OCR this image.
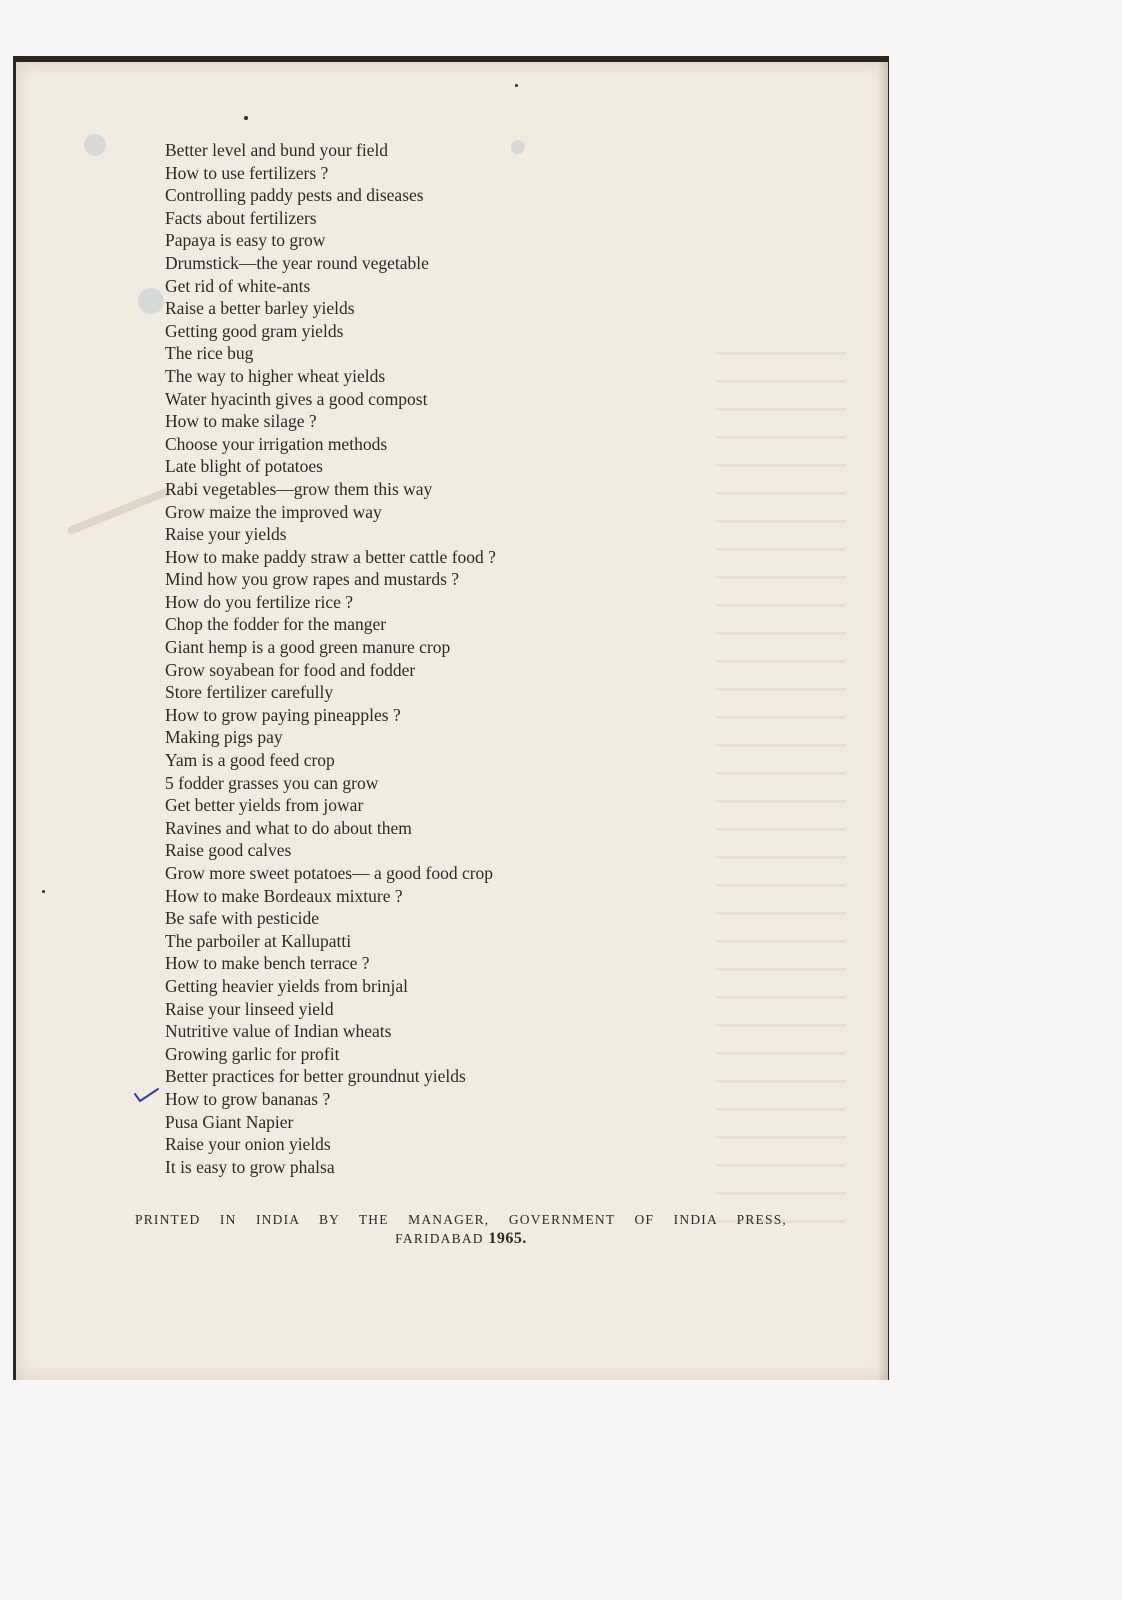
Better level and bund your field
How to use fertilizers ?
Controlling paddy pests and diseases
Facts about fertilizers
Papaya is easy to grow
Drumstick—the year round vegetable
Get rid of white-ants
Raise a better barley yields
Getting good gram yields
The rice bug
The way to higher wheat yields
Water hyacinth gives a good compost
How to make silage ?
Choose your irrigation methods
Late blight of potatoes
Rabi vegetables—grow them this way
Grow maize the improved way
Raise your yields
How to make paddy straw a better cattle food ?
Mind how you grow rapes and mustards ?
How do you fertilize rice ?
Chop the fodder for the manger
Giant hemp is a good green manure crop
Grow soyabean for food and fodder
Store fertilizer carefully
How to grow paying pineapples ?
Making pigs pay
Yam is a good feed crop
5 fodder grasses you can grow
Get better yields from jowar
Ravines and what to do about them
Raise good calves
Grow more sweet potatoes— a good food crop
How to make Bordeaux mixture ?
Be safe with pesticide
The parboiler at Kallupatti
How to make bench terrace ?
Getting heavier yields from brinjal
Raise your linseed yield
Nutritive value of Indian wheats
Growing garlic for profit
Better practices for better groundnut yields
How to grow bananas ?
Pusa Giant Napier
Raise your onion yields
It is easy to grow phalsa
PRINTED IN INDIA BY THE MANAGER, GOVERNMENT OF INDIA PRESS,
FARIDABAD 1965.
